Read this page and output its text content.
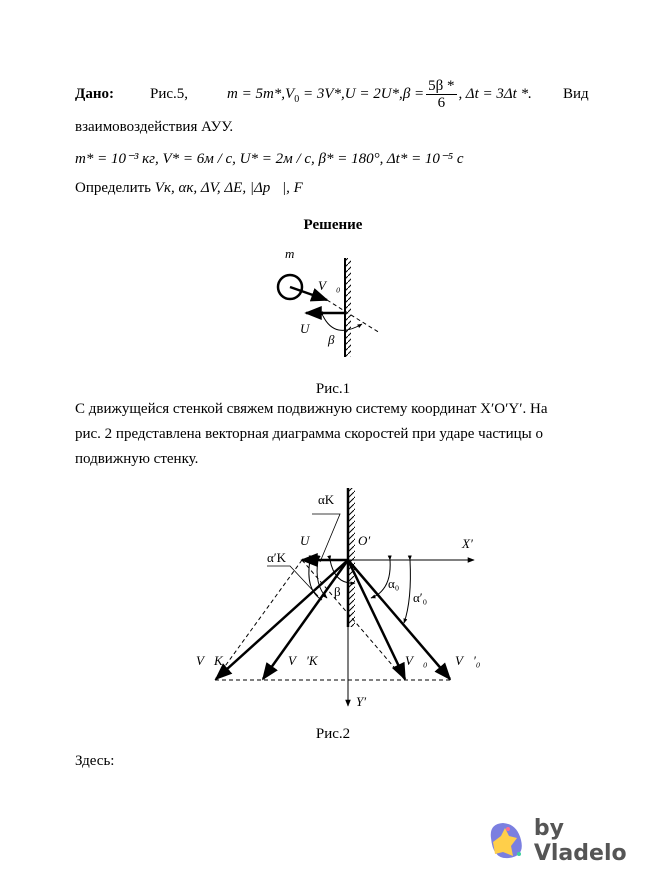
Дано: Рис.5,	$m = 5m*,V_0 = 3V*,U = 2U*,\beta = \frac{5\beta *}{6}$ , Δt = 3Δt *. Вид
взаимовоздействия АУУ.
m* = 10⁻³ кг, V* = 6м / с, U* = 2м / с, β* = 180°, Δt* = 10⁻⁵ с
Определить Vк, αк, ΔV, ΔE, |Δp⃗|, F
Решение
m
V⃗₀
U⃗
β
αK
α′K
U⃗	O′	X′
Y′
α₀
α′₀
β
V⃗K	V⃗′K	V⃗₀ V⃗′₀
Рис.1
С движущейся стенкой свяжем подвижную систему координат X′O′Y′. На
рис. 2 представлена векторная диаграмма скоростей при ударе частицы о
подвижную стенку.
Рис.2
Здесь:
by Vladelo
